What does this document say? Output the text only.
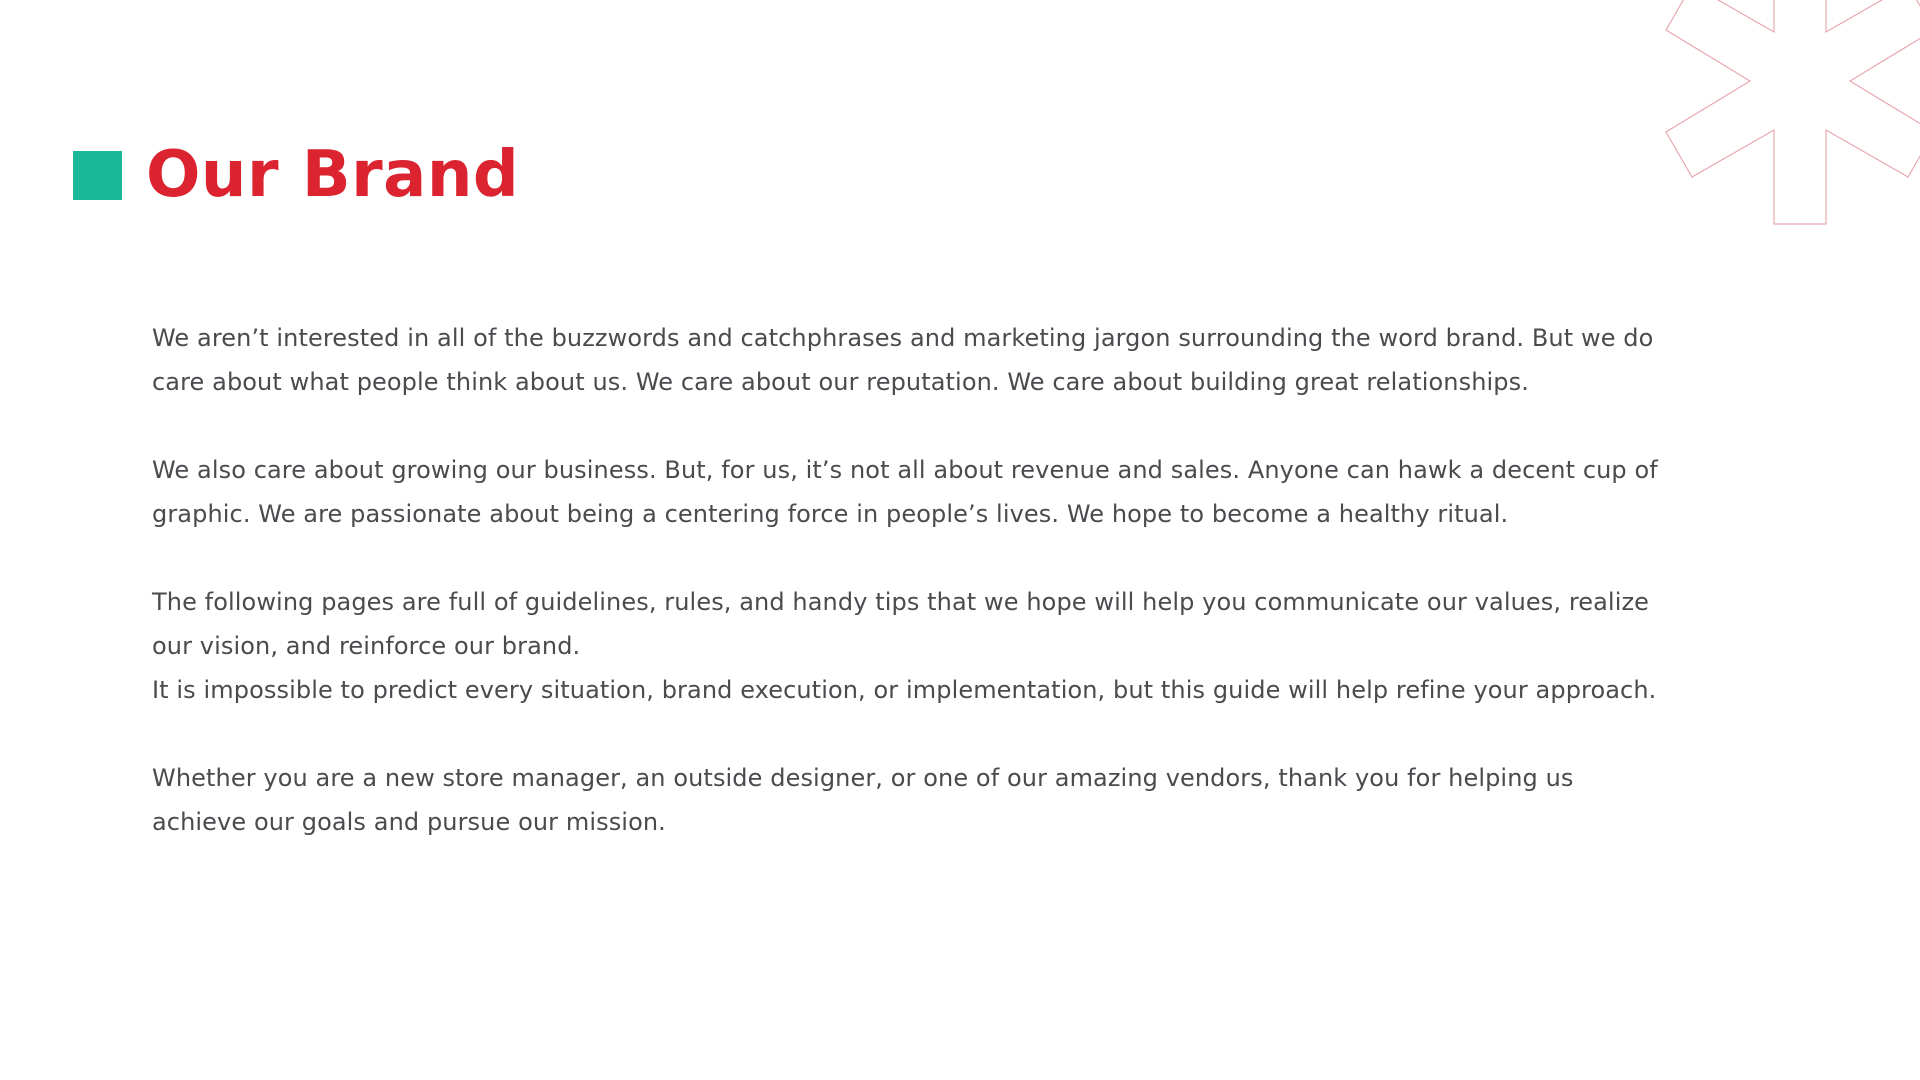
Our Brand

We aren’t interested in all of the buzzwords and catchphrases and marketing jargon surrounding the word brand. But we do
care about what people think about us. We care about our reputation. We care about building great relationships.

We also care about growing our business. But, for us, it’s not all about revenue and sales. Anyone can hawk a decent cup of
graphic. We are passionate about being a centering force in people’s lives. We hope to become a healthy ritual.

The following pages are full of guidelines, rules, and handy tips that we hope will help you communicate our values, realize
our vision, and reinforce our brand.
It is impossible to predict every situation, brand execution, or implementation, but this guide will help refine your approach.

Whether you are a new store manager, an outside designer, or one of our amazing vendors, thank you for helping us
achieve our goals and pursue our mission.
